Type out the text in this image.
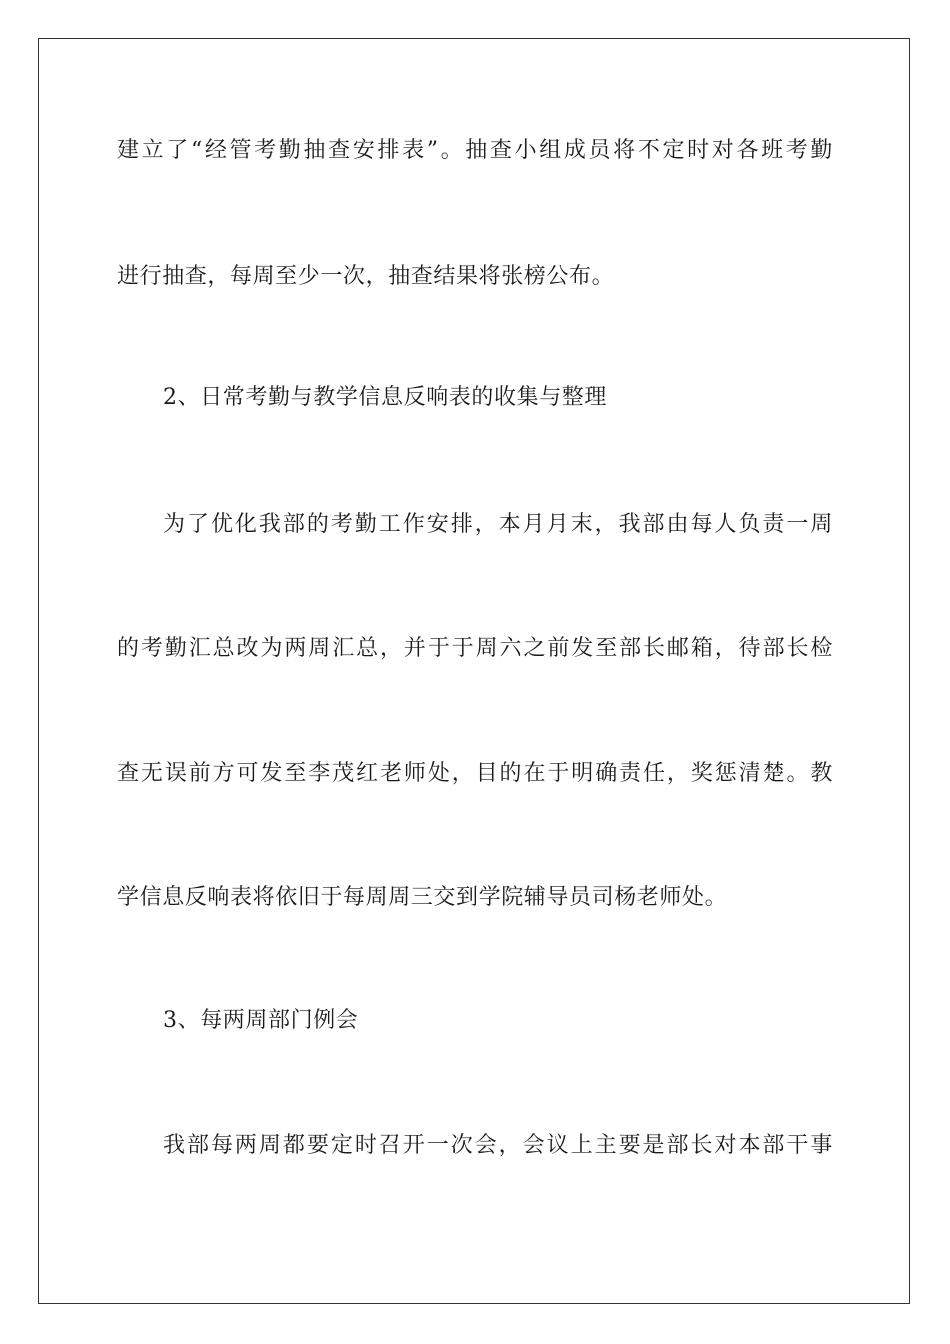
建立了“经管考勤抽查安排表”。抽查小组成员将不定时对各班考勤
进行抽查，每周至少一次，抽查结果将张榜公布。
2、日常考勤与教学信息反响表的收集与整理
为了优化我部的考勤工作安排，本月月末，我部由每人负责一周
的考勤汇总改为两周汇总，并于于周六之前发至部长邮箱，待部长检
查无误前方可发至李茂红老师处，目的在于明确责任，奖惩清楚。教
学信息反响表将依旧于每周周三交到学院辅导员司杨老师处。
3、每两周部门例会
我部每两周都要定时召开一次会，会议上主要是部长对本部干事
